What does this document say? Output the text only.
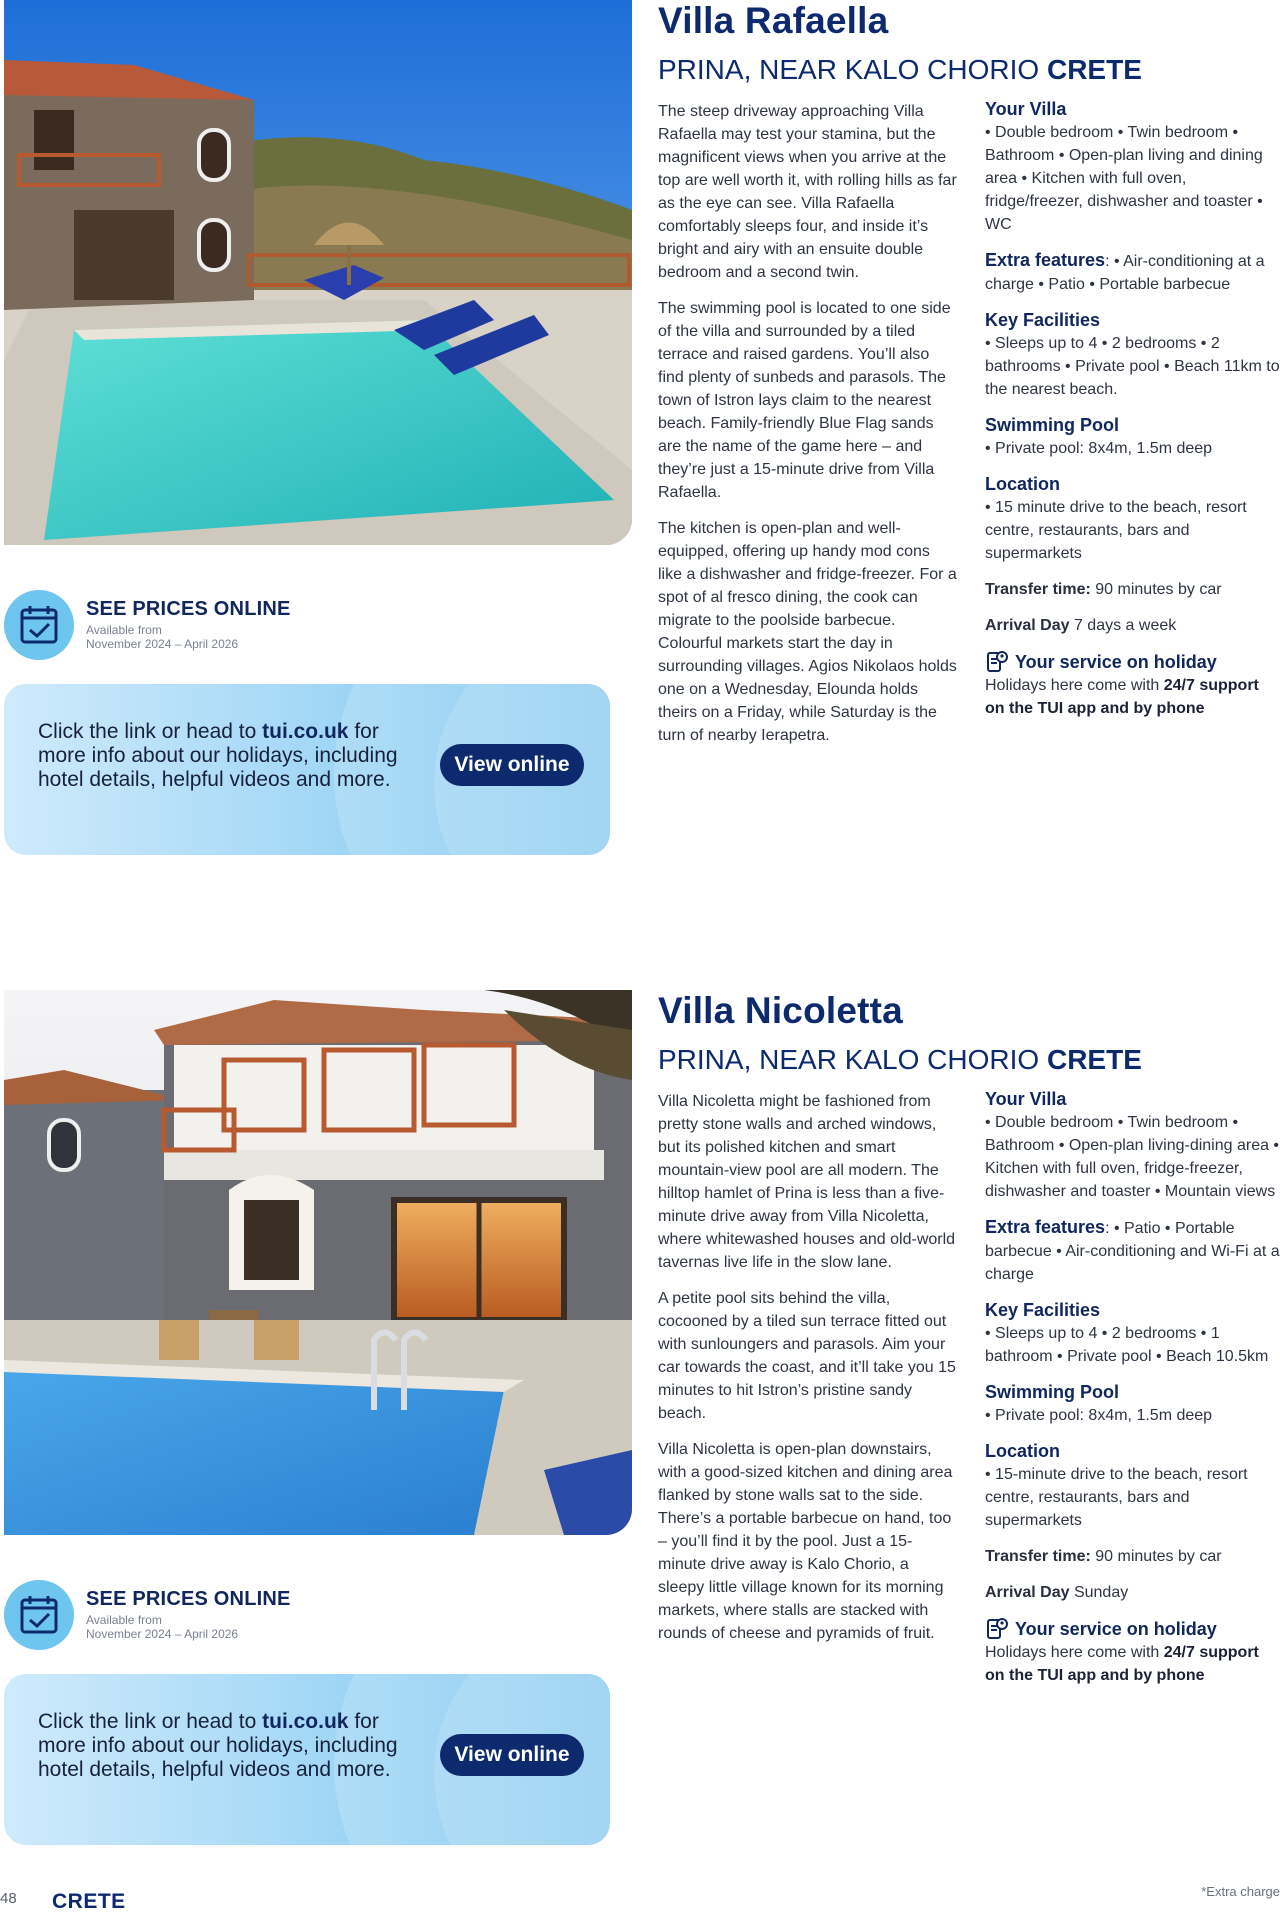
SEE PRICES ONLINE
Available from
November 2024 – April 2026
Click the link or head to tui.co.uk for more info about our holidays, including hotel details, helpful videos and more.
View online
Villa Rafaella
PRINA, NEAR KALO CHORIO CRETE

The steep driveway approaching Villa Rafaella may test your stamina, but the magnificent views when you arrive at the top are well worth it, with rolling hills as far as the eye can see. Villa Rafaella comfortably sleeps four, and inside it’s bright and airy with an ensuite double bedroom and a second twin.

The swimming pool is located to one side of the villa and surrounded by a tiled terrace and raised gardens. You’ll also find plenty of sunbeds and parasols. The town of Istron lays claim to the nearest beach. Family-friendly Blue Flag sands are the name of the game here – and they’re just a 15-minute drive from Villa Rafaella.

The kitchen is open-plan and well-equipped, offering up handy mod cons like a dishwasher and fridge-freezer. For a spot of al fresco dining, the cook can migrate to the poolside barbecue. Colourful markets start the day in surrounding villages. Agios Nikolaos holds one on a Wednesday, Elounda holds theirs on a Friday, while Saturday is the turn of nearby Ierapetra.

Your Villa

• Double bedroom • Twin bedroom • Bathroom • Open-plan living and dining area • Kitchen with full oven, fridge/freezer, dishwasher and toaster • WC

Extra features: • Air-conditioning at a charge • Patio • Portable barbecue

Key Facilities

• Sleeps up to 4 • 2 bedrooms • 2 bathrooms • Private pool • Beach 11km to the nearest beach.

Swimming Pool

• Private pool: 8x4m, 1.5m deep

Location

• 15 minute drive to the beach, resort centre, restaurants, bars and supermarkets

Transfer time: 90 minutes by car

Arrival Day 7 days a week

Your service on holiday

Holidays here come with 24/7 support on the TUI app and by phone

SEE PRICES ONLINE
Available from
November 2024 – April 2026
Click the link or head to tui.co.uk for more info about our holidays, including hotel details, helpful videos and more.
View online
Villa Nicoletta
PRINA, NEAR KALO CHORIO CRETE

Villa Nicoletta might be fashioned from pretty stone walls and arched windows, but its polished kitchen and smart mountain-view pool are all modern. The hilltop hamlet of Prina is less than a five-minute drive away from Villa Nicoletta, where whitewashed houses and old-world tavernas live life in the slow lane.

A petite pool sits behind the villa, cocooned by a tiled sun terrace fitted out with sunloungers and parasols. Aim your car towards the coast, and it’ll take you 15 minutes to hit Istron’s pristine sandy beach.

Villa Nicoletta is open-plan downstairs, with a good-sized kitchen and dining area flanked by stone walls sat to the side. There’s a portable barbecue on hand, too – you’ll find it by the pool. Just a 15-minute drive away is Kalo Chorio, a sleepy little village known for its morning markets, where stalls are stacked with rounds of cheese and pyramids of fruit.

Your Villa

• Double bedroom • Twin bedroom • Bathroom • Open-plan living-dining area • Kitchen with full oven, fridge-freezer, dishwasher and toaster • Mountain views

Extra features: • Patio • Portable barbecue • Air-conditioning and Wi-Fi at a charge

Key Facilities

• Sleeps up to 4 • 2 bedrooms • 1 bathroom • Private pool • Beach 10.5km

Swimming Pool

• Private pool: 8x4m, 1.5m deep

Location

• 15-minute drive to the beach, resort centre, restaurants, bars and supermarkets

Transfer time: 90 minutes by car

Arrival Day Sunday

Your service on holiday

Holidays here come with 24/7 support on the TUI app and by phone

48 CRETE	*Extra charge
